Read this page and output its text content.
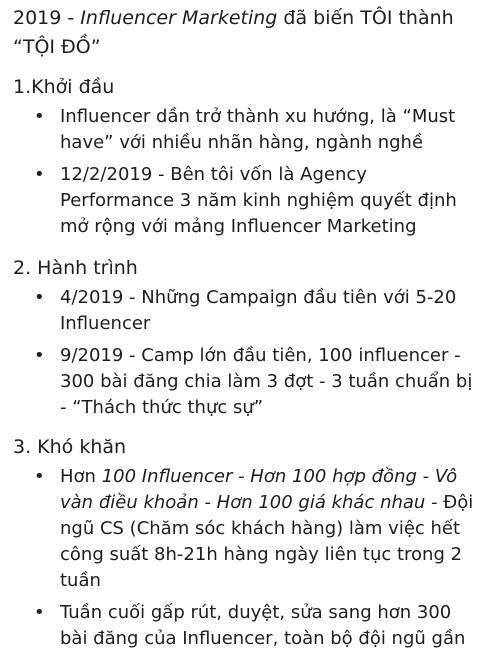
2019 - Influencer Marketing đã biến TÔI thành
“TỘI ĐỒ”
1.Khởi đầu
• Influencer dần trở thành xu hướng, là “Must
have” với nhiều nhãn hàng, ngành nghề
• 12/2/2019 - Bên tôi vốn là Agency
Performance 3 năm kinh nghiệm quyết định
mở rộng với mảng Influencer Marketing
2. Hành trình
• 4/2019 - Những Campaign đầu tiên với 5-20
Influencer
• 9/2019 - Camp lớn đầu tiên, 100 influencer -
300 bài đăng chia làm 3 đợt - 3 tuần chuẩn bị
- “Thách thức thực sự”
3. Khó khăn
• Hơn 100 Influencer - Hơn 100 hợp đồng - Vô
vàn điều khoản - Hơn 100 giá khác nhau - Đội
ngũ CS (Chăm sóc khách hàng) làm việc hết
công suất 8h-21h hàng ngày liên tục trong 2
tuần
• Tuần cuối gấp rút, duyệt, sửa sang hơn 300
bài đăng của Influencer, toàn bộ đội ngũ gần
